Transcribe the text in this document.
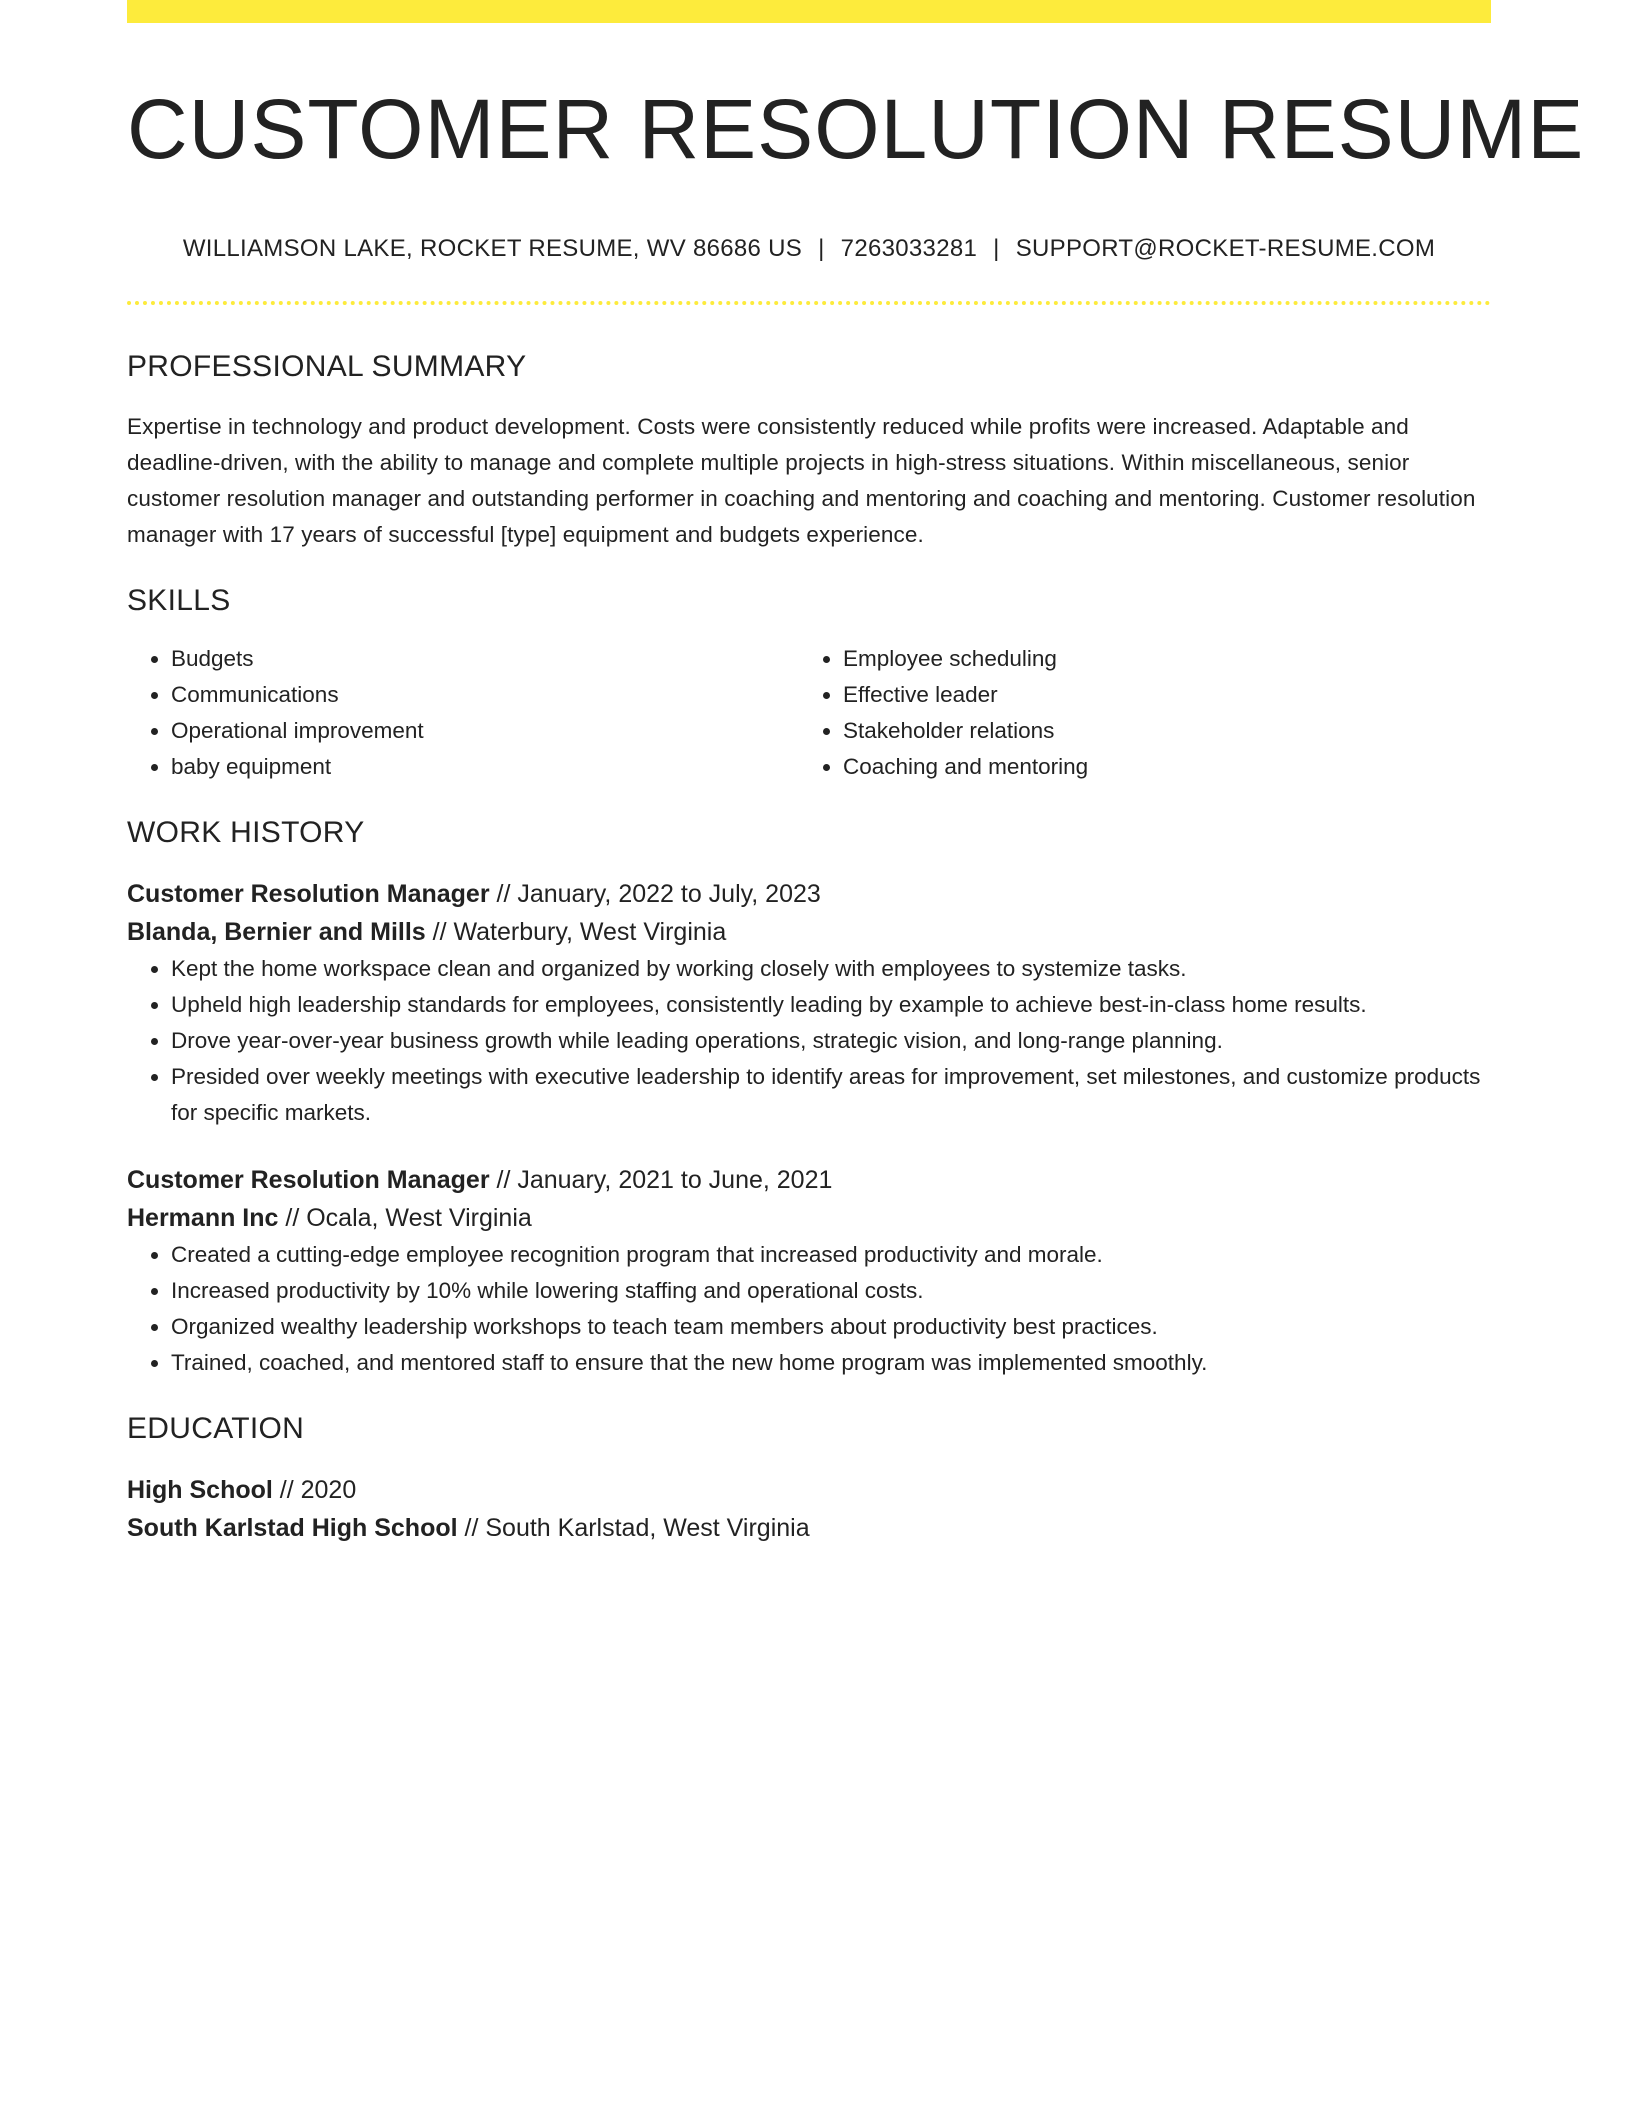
CUSTOMER RESOLUTION RESUME
WILLIAMSON LAKE, ROCKET RESUME, WV 86686 US | 7263033281 | SUPPORT@ROCKET-RESUME.COM
PROFESSIONAL SUMMARY

Expertise in technology and product development. Costs were consistently reduced while profits were increased. Adaptable and deadline-driven, with the ability to manage and complete multiple projects in high-stress situations. Within miscellaneous, senior customer resolution manager and outstanding performer in coaching and mentoring and coaching and mentoring. Customer resolution manager with 17 years of successful [type] equipment and budgets experience.

SKILLS
• Budgets
• Communications
• Operational improvement
• baby equipment
• Employee scheduling
• Effective leader
• Stakeholder relations
• Coaching and mentoring
WORK HISTORY
Customer Resolution Manager // January, 2022 to July, 2023
Blanda, Bernier and Mills // Waterbury, West Virginia
• Kept the home workspace clean and organized by working closely with employees to systemize tasks.
• Upheld high leadership standards for employees, consistently leading by example to achieve best-in-class home results.
• Drove year-over-year business growth while leading operations, strategic vision, and long-range planning.
• Presided over weekly meetings with executive leadership to identify areas for improvement, set milestones, and customize products for specific markets.
Customer Resolution Manager // January, 2021 to June, 2021
Hermann Inc // Ocala, West Virginia
• Created a cutting-edge employee recognition program that increased productivity and morale.
• Increased productivity by 10% while lowering staffing and operational costs.
• Organized wealthy leadership workshops to teach team members about productivity best practices.
• Trained, coached, and mentored staff to ensure that the new home program was implemented smoothly.
EDUCATION
High School // 2020
South Karlstad High School // South Karlstad, West Virginia
